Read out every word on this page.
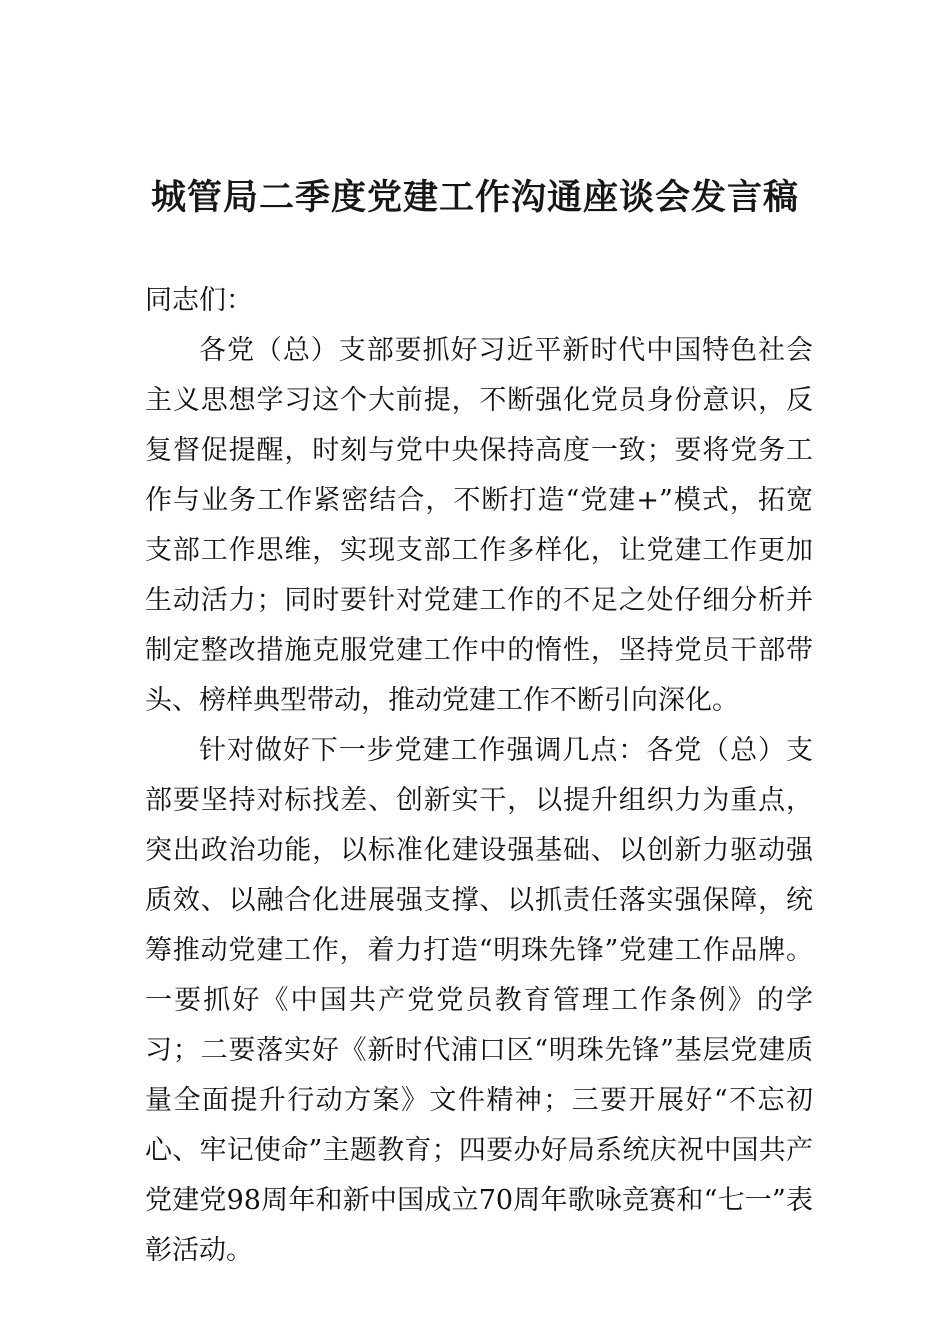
城管局二季度党建工作沟通座谈会发言稿

同志们：

各党（总）支部要抓好习近平新时代中国特色社会主义思想学习这个大前提，不断强化党员身份意识，反复督促提醒，时刻与党中央保持高度一致；要将党务工作与业务工作紧密结合，不断打造“党建+”模式，拓宽支部工作思维，实现支部工作多样化，让党建工作更加生动活力；同时要针对党建工作的不足之处仔细分析并制定整改措施克服党建工作中的惰性，坚持党员干部带头、榜样典型带动，推动党建工作不断引向深化。

针对做好下一步党建工作强调几点：各党（总）支部要坚持对标找差、创新实干，以提升组织力为重点，突出政治功能，以标准化建设强基础、以创新力驱动强质效、以融合化进展强支撑、以抓责任落实强保障，统筹推动党建工作，着力打造“明珠先锋”党建工作品牌。一要抓好《中国共产党党员教育管理工作条例》的学习；二要落实好《新时代浦口区“明珠先锋”基层党建质量全面提升行动方案》文件精神；三要开展好“不忘初心、牢记使命”主题教育；四要办好局系统庆祝中国共产党建党98周年和新中国成立70周年歌咏竞赛和“七一”表彰活动。
